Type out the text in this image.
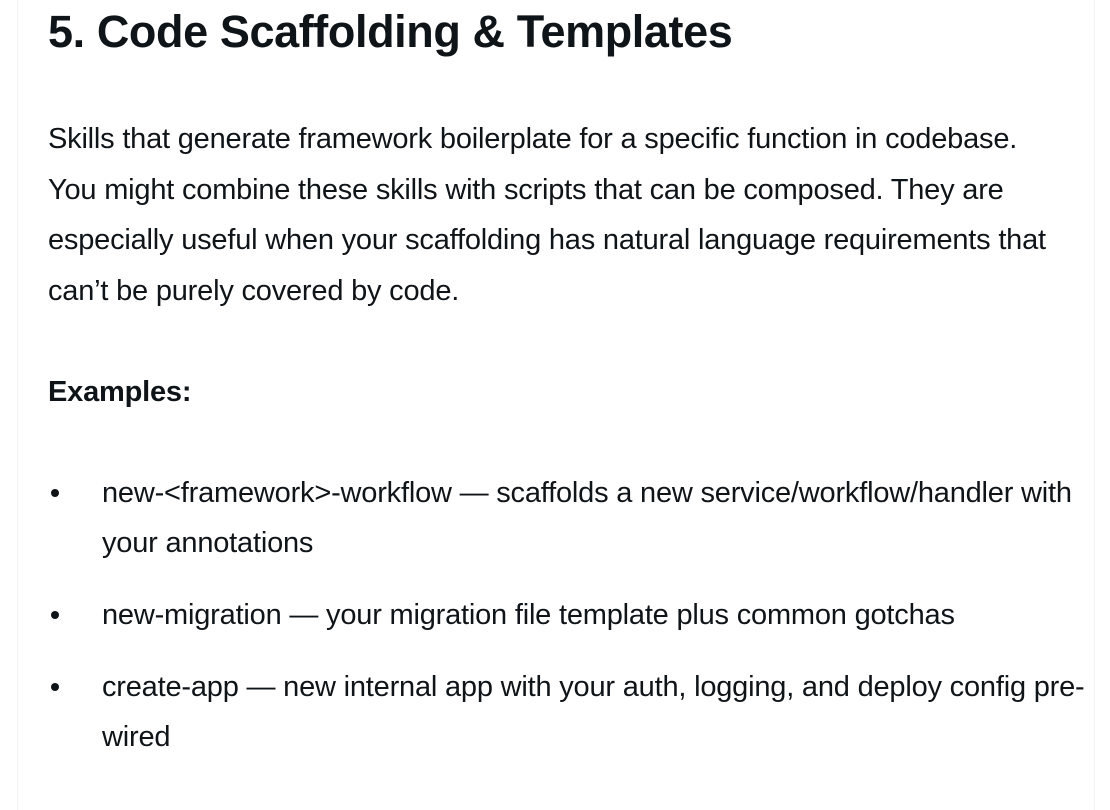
5. Code Scaffolding & Templates

Skills that generate framework boilerplate for a specific function in codebase. You might combine these skills with scripts that can be composed. They are especially useful when your scaffolding has natural language requirements that can’t be purely covered by code.

Examples:

new-<framework>-workflow — scaffolds a new service/workflow/handler with your annotations
new-migration — your migration file template plus common gotchas
create-app — new internal app with your auth, logging, and deploy config pre-wired
